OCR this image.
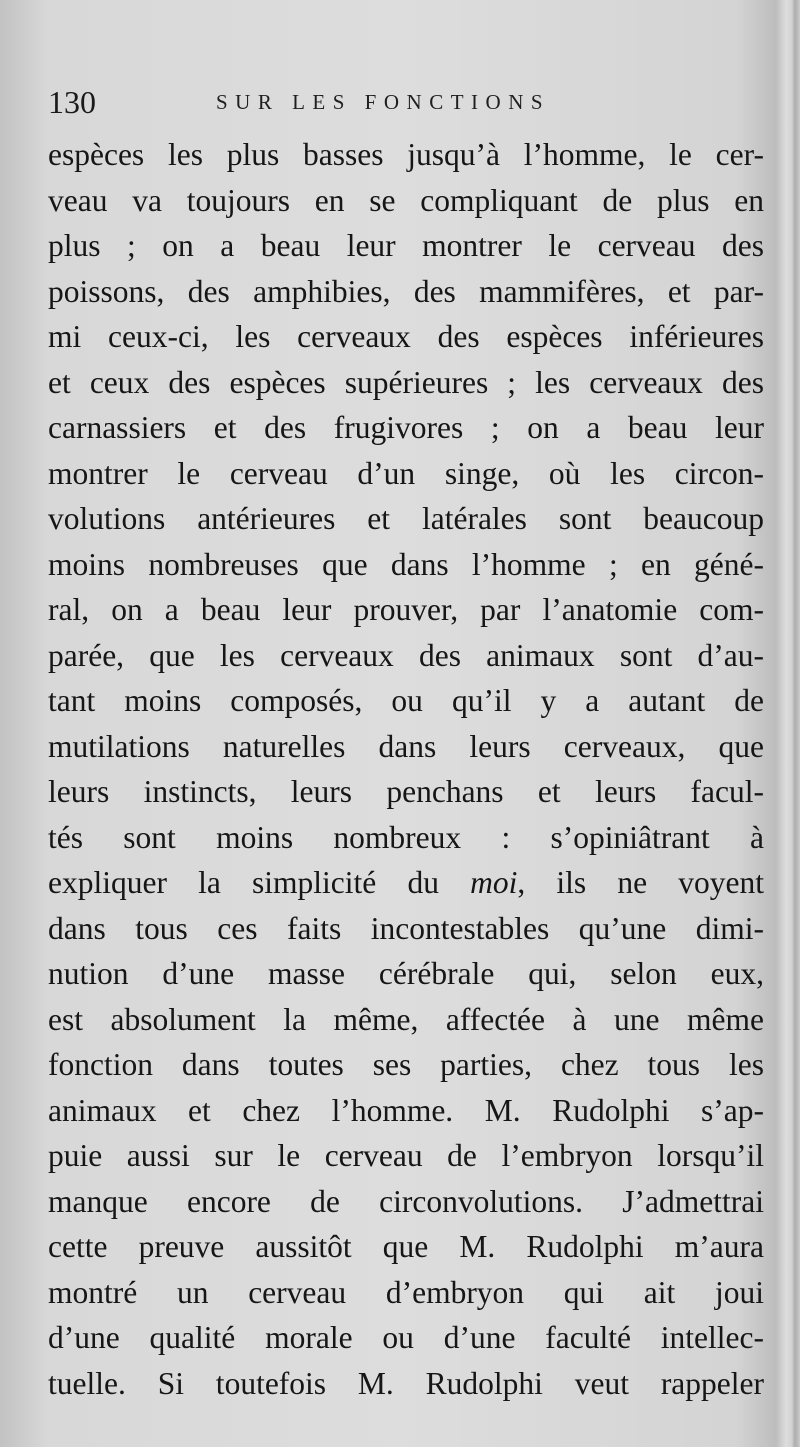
130	SUR LES FONCTIONS
espèces les plus basses jusqu’à l’homme, le cer-
veau va toujours en se compliquant de plus en
plus ; on a beau leur montrer le cerveau des
poissons, des amphibies, des mammifères, et par-
mi ceux-ci, les cerveaux des espèces inférieures
et ceux des espèces supérieures ; les cerveaux des
carnassiers et des frugivores ; on a beau leur
montrer le cerveau d’un singe, où les circon-
volutions antérieures et latérales sont beaucoup
moins nombreuses que dans l’homme ; en géné-
ral, on a beau leur prouver, par l’anatomie com-
parée, que les cerveaux des animaux sont d’au-
tant moins composés, ou qu’il y a autant de
mutilations naturelles dans leurs cerveaux, que
leurs instincts, leurs penchans et leurs facul-
tés sont moins nombreux : s’opiniâtrant à
expliquer la simplicité du moi, ils ne voyent
dans tous ces faits incontestables qu’une dimi-
nution d’une masse cérébrale qui, selon eux,
est absolument la même, affectée à une même
fonction dans toutes ses parties, chez tous les
animaux et chez l’homme. M. Rudolphi s’ap-
puie aussi sur le cerveau de l’embryon lorsqu’il
manque encore de circonvolutions. J’admettrai
cette preuve aussitôt que M. Rudolphi m’aura
montré un cerveau d’embryon qui ait joui
d’une qualité morale ou d’une faculté intellec-
tuelle. Si toutefois M. Rudolphi veut rappeler
